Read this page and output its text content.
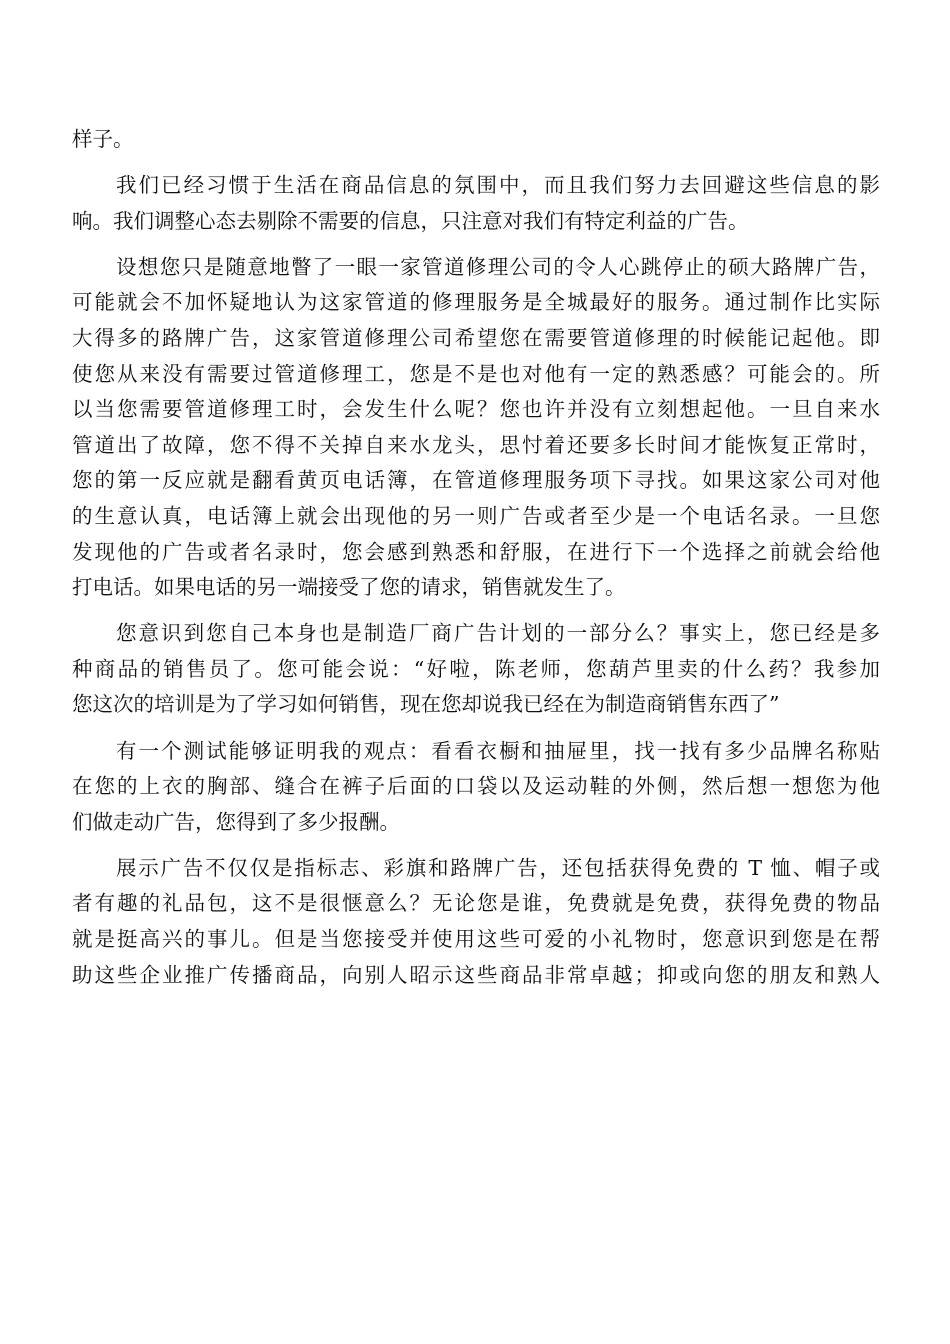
样子。
我们已经习惯于生活在商品信息的氛围中，而且我们努力去回避这些信息的影
响。我们调整心态去剔除不需要的信息，只注意对我们有特定利益的广告。
设想您只是随意地瞥了一眼一家管道修理公司的令人心跳停止的硕大路牌广告，
可能就会不加怀疑地认为这家管道的修理服务是全城最好的服务。通过制作比实际
大得多的路牌广告，这家管道修理公司希望您在需要管道修理的时候能记起他。即
使您从来没有需要过管道修理工，您是不是也对他有一定的熟悉感？可能会的。所
以当您需要管道修理工时，会发生什么呢？您也许并没有立刻想起他。一旦自来水
管道出了故障，您不得不关掉自来水龙头，思忖着还要多长时间才能恢复正常时，
您的第一反应就是翻看黄页电话簿，在管道修理服务项下寻找。如果这家公司对他
的生意认真，电话簿上就会出现他的另一则广告或者至少是一个电话名录。一旦您
发现他的广告或者名录时，您会感到熟悉和舒服，在进行下一个选择之前就会给他
打电话。如果电话的另一端接受了您的请求，销售就发生了。
您意识到您自己本身也是制造厂商广告计划的一部分么？事实上，您已经是多
种商品的销售员了。您可能会说：“好啦，陈老师，您葫芦里卖的什么药？我参加
您这次的培训是为了学习如何销售，现在您却说我已经在为制造商销售东西了”
有一个测试能够证明我的观点：看看衣橱和抽屉里，找一找有多少品牌名称贴
在您的上衣的胸部、缝合在裤子后面的口袋以及运动鞋的外侧，然后想一想您为他
们做走动广告，您得到了多少报酬。
展示广告不仅仅是指标志、彩旗和路牌广告，还包括获得免费的 T 恤、帽子或
者有趣的礼品包，这不是很惬意么？无论您是谁，免费就是免费，获得免费的物品
就是挺高兴的事儿。但是当您接受并使用这些可爱的小礼物时，您意识到您是在帮
助这些企业推广传播商品，向别人昭示这些商品非常卓越；抑或向您的朋友和熟人
